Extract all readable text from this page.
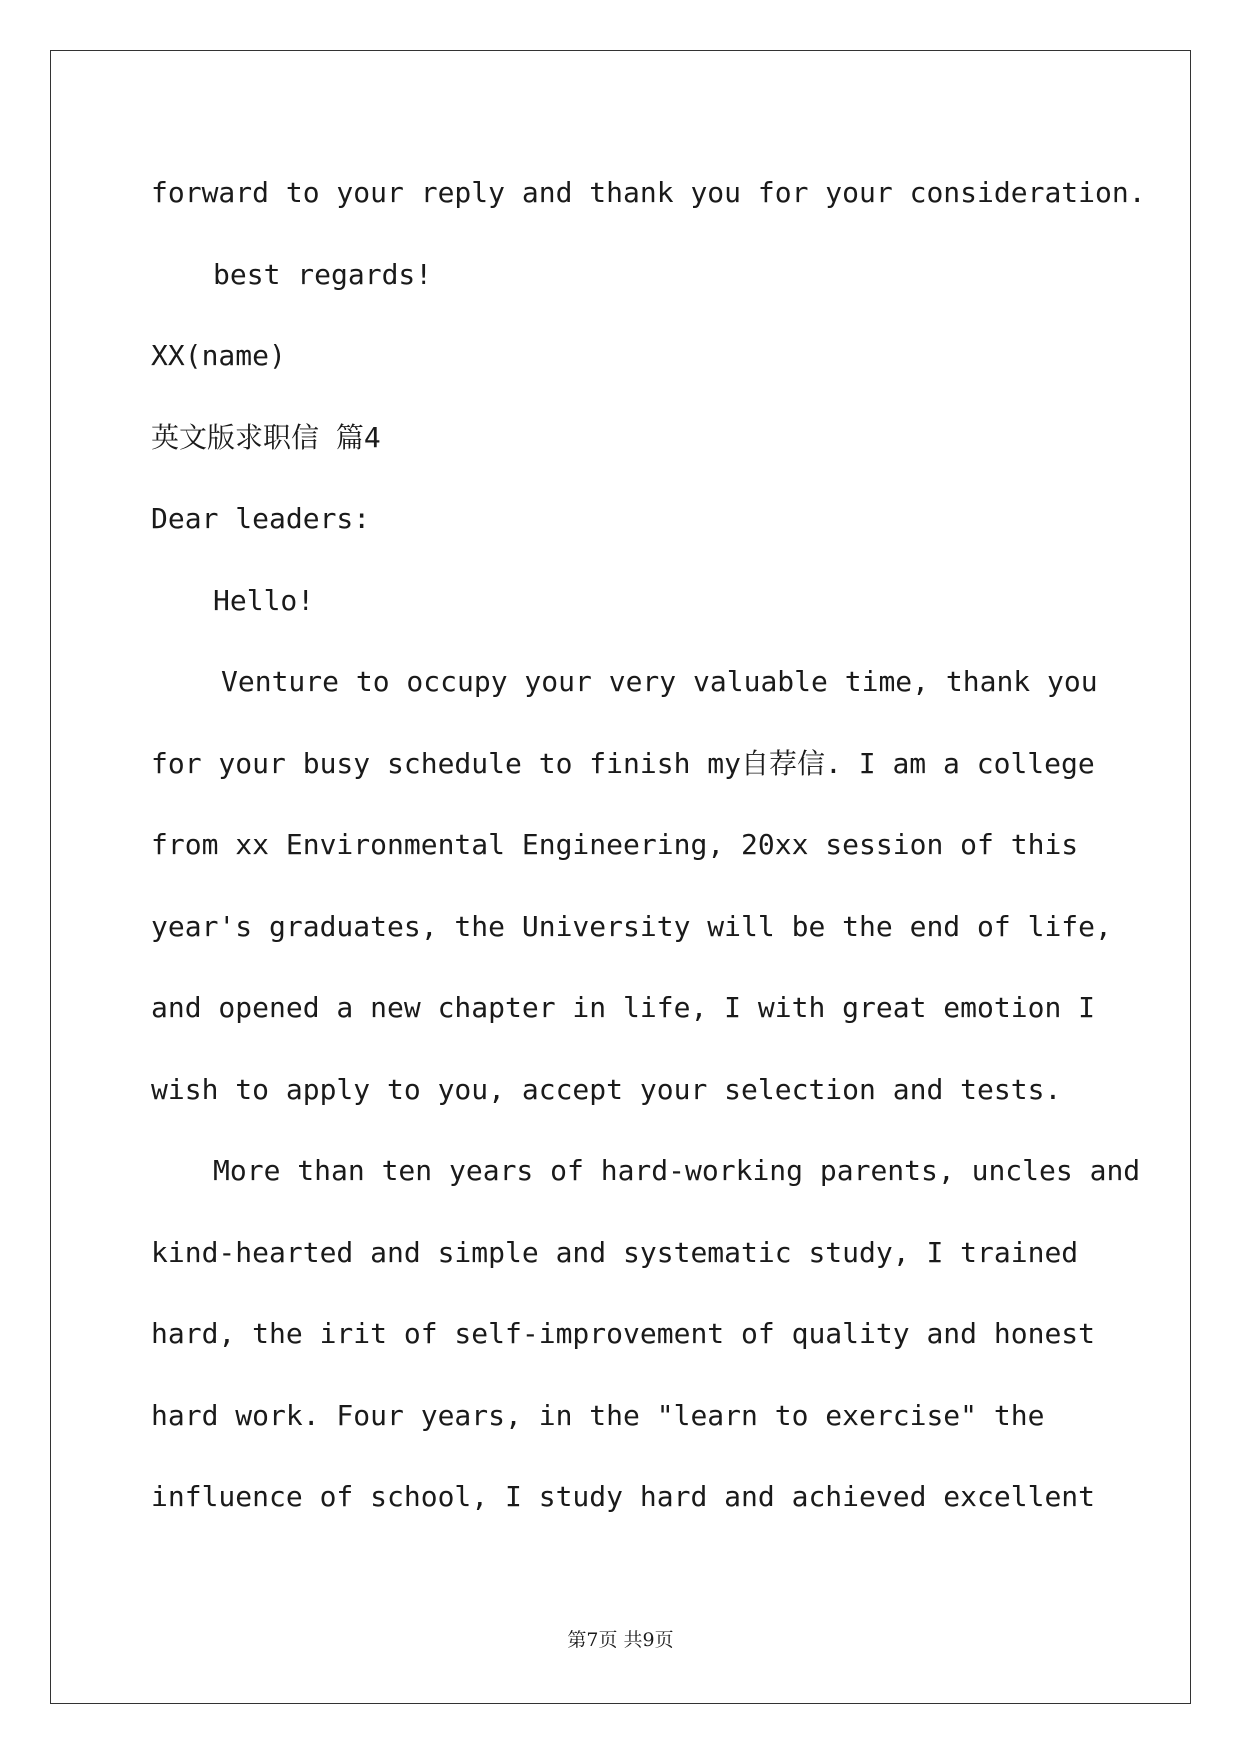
forward to your reply and thank you for your consideration.
best regards!
XX(name)
英文版求职信 篇4
Dear leaders:
Hello!
Venture to occupy your very valuable time, thank you
for your busy schedule to finish my自荐信. I am a college
from xx Environmental Engineering, 20xx session of this
year's graduates, the University will be the end of life,
and opened a new chapter in life, I with great emotion I
wish to apply to you, accept your selection and tests.
More than ten years of hard-working parents, uncles and
kind-hearted and simple and systematic study, I trained
hard, the irit of self-improvement of quality and honest
hard work. Four years, in the "learn to exercise" the
influence of school, I study hard and achieved excellent
第7页 共9页
